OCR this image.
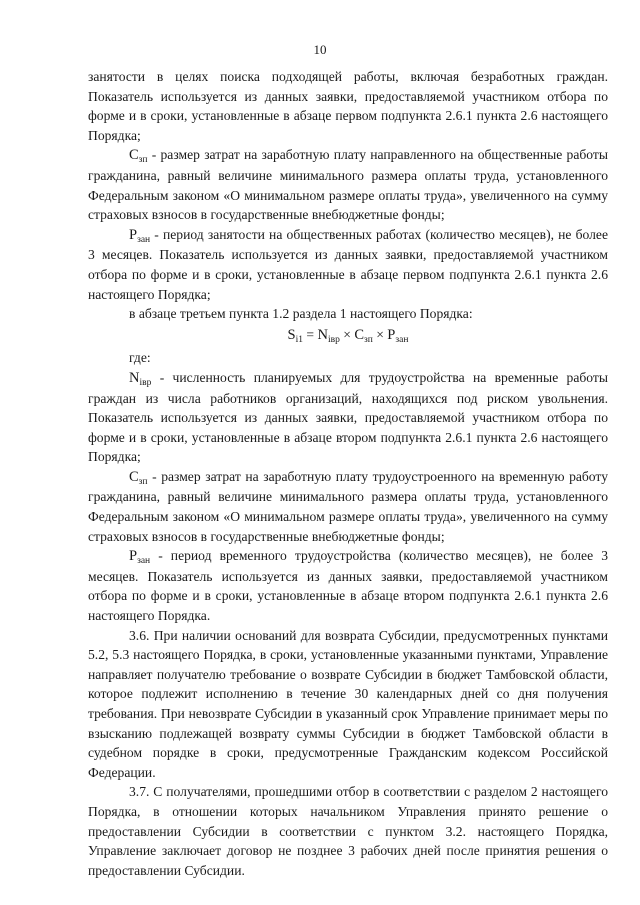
10

занятости в целях поиска подходящей работы, включая безработных граждан. Показатель используется из данных заявки, предоставляемой участником отбора по форме и в сроки, установленные в абзаце первом подпункта 2.6.1 пункта 2.6 настоящего Порядка;

$С_{зп}$ - размер затрат на заработную плату направленного на общественные работы гражданина, равный величине минимального размера оплаты труда, установленного Федеральным законом «О минимальном размере оплаты труда», увеличенного на сумму страховых взносов в государственные внебюджетные фонды;

$Р_{зан}$ - период занятости на общественных работах (количество месяцев), не более 3 месяцев. Показатель используется из данных заявки, предоставляемой участником отбора по форме и в сроки, установленные в абзаце первом подпункта 2.6.1 пункта 2.6 настоящего Порядка;

в абзаце третьем пункта 1.2 раздела 1 настоящего Порядка:

$S_{i1} = N_{iвр} \times С_{зп} \times Р_{зан}$

где:

$N_{iвр}$ - численность планируемых для трудоустройства на временные работы граждан из числа работников организаций, находящихся под риском увольнения. Показатель используется из данных заявки, предоставляемой участником отбора по форме и в сроки, установленные в абзаце втором подпункта 2.6.1 пункта 2.6 настоящего Порядка;

$С_{зп}$ - размер затрат на заработную плату трудоустроенного на временную работу гражданина, равный величине минимального размера оплаты труда, установленного Федеральным законом «О минимальном размере оплаты труда», увеличенного на сумму страховых взносов в государственные внебюджетные фонды;

$Р_{зан}$ - период временного трудоустройства (количество месяцев), не более 3 месяцев. Показатель используется из данных заявки, предоставляемой участником отбора по форме и в сроки, установленные в абзаце втором подпункта 2.6.1 пункта 2.6 настоящего Порядка.

3.6. При наличии оснований для возврата Субсидии, предусмотренных пунктами 5.2, 5.3 настоящего Порядка, в сроки, установленные указанными пунктами, Управление направляет получателю требование о возврате Субсидии в бюджет Тамбовской области, которое подлежит исполнению в течение 30 календарных дней со дня получения требования. При невозврате Субсидии в указанный срок Управление принимает меры по взысканию подлежащей возврату суммы Субсидии в бюджет Тамбовской области в судебном порядке в сроки, предусмотренные Гражданским кодексом Российской Федерации.

3.7. С получателями, прошедшими отбор в соответствии с разделом 2 настоящего Порядка, в отношении которых начальником Управления принято решение о предоставлении Субсидии в соответствии с пунктом 3.2. настоящего Порядка, Управление заключает договор не позднее 3 рабочих дней после принятия решения о предоставлении Субсидии.
